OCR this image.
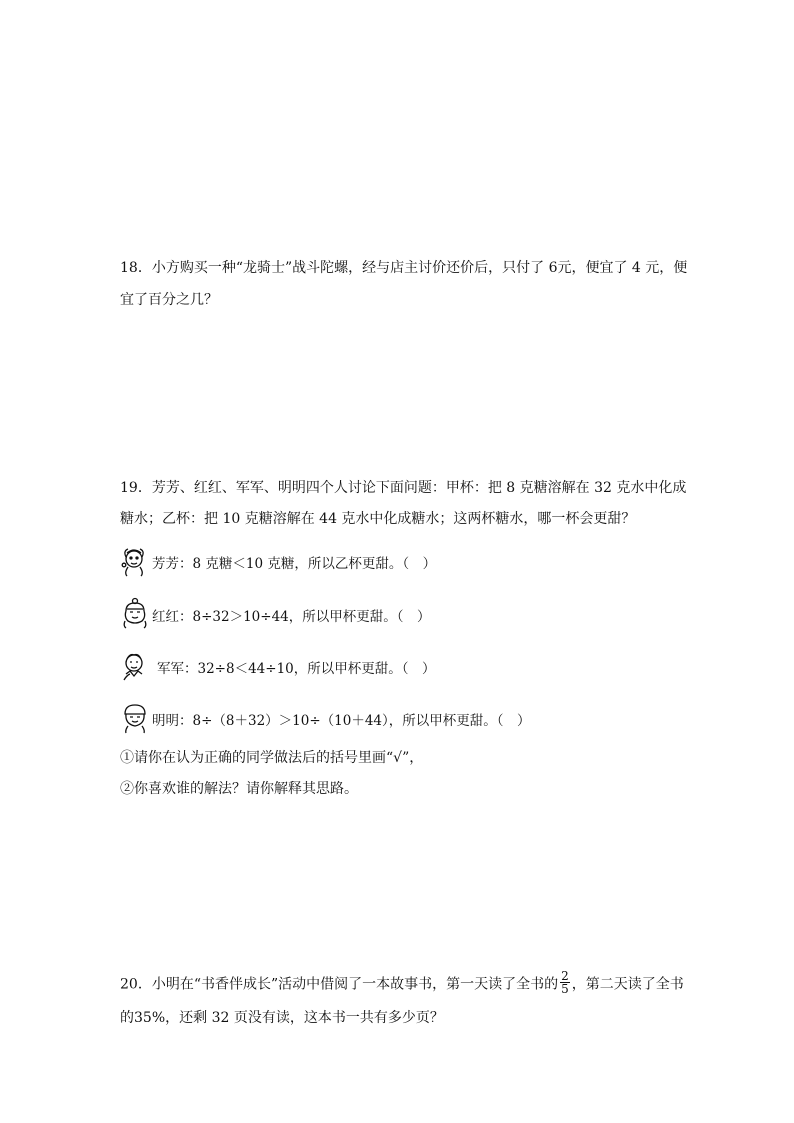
18．小方购买一种“龙骑士”战斗陀螺，经与店主讨价还价后，只付了 6元，便宜了 4 元，便
宜了百分之几？
19．芳芳、红红、军军、明明四个人讨论下面问题：甲杯：把 8 克糖溶解在 32 克水中化成
糖水；乙杯：把 10 克糖溶解在 44 克水中化成糖水；这两杯糖水，哪一杯会更甜？
芳芳：8 克糖＜10 克糖，所以乙杯更甜。（　）
红红：8÷32＞10÷44，所以甲杯更甜。（　）
军军：32÷8＜44÷10，所以甲杯更甜。（　）
明明：8÷（8＋32）＞10÷（10＋44），所以甲杯更甜。（　）
①请你在认为正确的同学做法后的括号里画“√”，
②你喜欢谁的解法？请你解释其思路。
20．小明在“书香伴成长”活动中借阅了一本故事书，第一天读了全书的 $\frac{2}{5}$ ，第二天读了全书
的35%，还剩 32 页没有读，这本书一共有多少页？
